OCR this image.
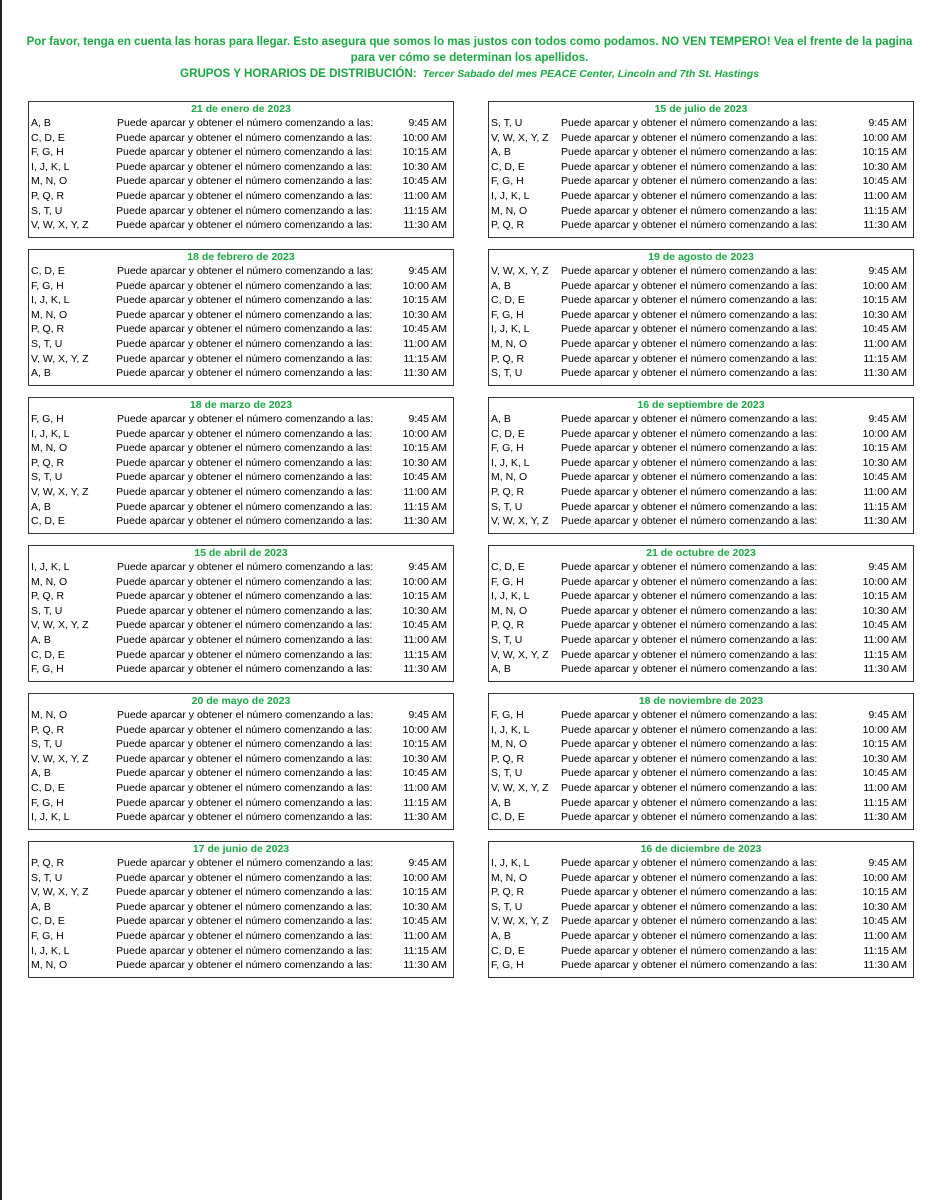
Por favor, tenga en cuenta las horas para llegar. Esto asegura que somos lo mas justos con todos como podamos. NO VEN TEMPERO! Vea el frente de la pagina
para ver cómo se determinan los apellidos.
GRUPOS Y HORARIOS DE DISTRIBUCIÓN: Tercer Sabado del mes PEACE Center, Lincoln and 7th St. Hastings
21 de enero de 2023
A, B	Puede aparcar y obtener el número comenzando a las:	9:45 AM
C, D, E	Puede aparcar y obtener el número comenzando a las:	10:00 AM
F, G, H	Puede aparcar y obtener el número comenzando a las:	10:15 AM
I, J, K, L	Puede aparcar y obtener el número comenzando a las:	10:30 AM
M, N, O	Puede aparcar y obtener el número comenzando a las:	10:45 AM
P, Q, R	Puede aparcar y obtener el número comenzando a las:	11:00 AM
S, T, U	Puede aparcar y obtener el número comenzando a las:	11:15 AM
V, W, X, Y, Z	Puede aparcar y obtener el número comenzando a las:	11:30 AM
18 de febrero de 2023
C, D, E	Puede aparcar y obtener el número comenzando a las:	9:45 AM
F, G, H	Puede aparcar y obtener el número comenzando a las:	10:00 AM
I, J, K, L	Puede aparcar y obtener el número comenzando a las:	10:15 AM
M, N, O	Puede aparcar y obtener el número comenzando a las:	10:30 AM
P, Q, R	Puede aparcar y obtener el número comenzando a las:	10:45 AM
S, T, U	Puede aparcar y obtener el número comenzando a las:	11:00 AM
V, W, X, Y, Z	Puede aparcar y obtener el número comenzando a las:	11:15 AM
A, B	Puede aparcar y obtener el número comenzando a las:	11:30 AM
18 de marzo de 2023
F, G, H	Puede aparcar y obtener el número comenzando a las:	9:45 AM
I, J, K, L	Puede aparcar y obtener el número comenzando a las:	10:00 AM
M, N, O	Puede aparcar y obtener el número comenzando a las:	10:15 AM
P, Q, R	Puede aparcar y obtener el número comenzando a las:	10:30 AM
S, T, U	Puede aparcar y obtener el número comenzando a las:	10:45 AM
V, W, X, Y, Z	Puede aparcar y obtener el número comenzando a las:	11:00 AM
A, B	Puede aparcar y obtener el número comenzando a las:	11:15 AM
C, D, E	Puede aparcar y obtener el número comenzando a las:	11:30 AM
15 de abril de 2023
I, J, K, L	Puede aparcar y obtener el número comenzando a las:	9:45 AM
M, N, O	Puede aparcar y obtener el número comenzando a las:	10:00 AM
P, Q, R	Puede aparcar y obtener el número comenzando a las:	10:15 AM
S, T, U	Puede aparcar y obtener el número comenzando a las:	10:30 AM
V, W, X, Y, Z	Puede aparcar y obtener el número comenzando a las:	10:45 AM
A, B	Puede aparcar y obtener el número comenzando a las:	11:00 AM
C, D, E	Puede aparcar y obtener el número comenzando a las:	11:15 AM
F, G, H	Puede aparcar y obtener el número comenzando a las:	11:30 AM
20 de mayo de 2023
M, N, O	Puede aparcar y obtener el número comenzando a las:	9:45 AM
P, Q, R	Puede aparcar y obtener el número comenzando a las:	10:00 AM
S, T, U	Puede aparcar y obtener el número comenzando a las:	10:15 AM
V, W, X, Y, Z	Puede aparcar y obtener el número comenzando a las:	10:30 AM
A, B	Puede aparcar y obtener el número comenzando a las:	10:45 AM
C, D, E	Puede aparcar y obtener el número comenzando a las:	11:00 AM
F, G, H	Puede aparcar y obtener el número comenzando a las:	11:15 AM
I, J, K, L	Puede aparcar y obtener el número comenzando a las:	11:30 AM
17 de junio de 2023
P, Q, R	Puede aparcar y obtener el número comenzando a las:	9:45 AM
S, T, U	Puede aparcar y obtener el número comenzando a las:	10:00 AM
V, W, X, Y, Z	Puede aparcar y obtener el número comenzando a las:	10:15 AM
A, B	Puede aparcar y obtener el número comenzando a las:	10:30 AM
C, D, E	Puede aparcar y obtener el número comenzando a las:	10:45 AM
F, G, H	Puede aparcar y obtener el número comenzando a las:	11:00 AM
I, J, K, L	Puede aparcar y obtener el número comenzando a las:	11:15 AM
M, N, O	Puede aparcar y obtener el número comenzando a las:	11:30 AM
15 de julio de 2023
S, T, U	Puede aparcar y obtener el número comenzando a las:	9:45 AM
V, W, X, Y, Z	Puede aparcar y obtener el número comenzando a las:	10:00 AM
A, B	Puede aparcar y obtener el número comenzando a las:	10:15 AM
C, D, E	Puede aparcar y obtener el número comenzando a las:	10:30 AM
F, G, H	Puede aparcar y obtener el número comenzando a las:	10:45 AM
I, J, K, L	Puede aparcar y obtener el número comenzando a las:	11:00 AM
M, N, O	Puede aparcar y obtener el número comenzando a las:	11:15 AM
P, Q, R	Puede aparcar y obtener el número comenzando a las:	11:30 AM
19 de agosto de 2023
V, W, X, Y, Z	Puede aparcar y obtener el número comenzando a las:	9:45 AM
A, B	Puede aparcar y obtener el número comenzando a las:	10:00 AM
C, D, E	Puede aparcar y obtener el número comenzando a las:	10:15 AM
F, G, H	Puede aparcar y obtener el número comenzando a las:	10:30 AM
I, J, K, L	Puede aparcar y obtener el número comenzando a las:	10:45 AM
M, N, O	Puede aparcar y obtener el número comenzando a las:	11:00 AM
P, Q, R	Puede aparcar y obtener el número comenzando a las:	11:15 AM
S, T, U	Puede aparcar y obtener el número comenzando a las:	11:30 AM
16 de septiembre de 2023
A, B	Puede aparcar y obtener el número comenzando a las:	9:45 AM
C, D, E	Puede aparcar y obtener el número comenzando a las:	10:00 AM
F, G, H	Puede aparcar y obtener el número comenzando a las:	10:15 AM
I, J, K, L	Puede aparcar y obtener el número comenzando a las:	10:30 AM
M, N, O	Puede aparcar y obtener el número comenzando a las:	10:45 AM
P, Q, R	Puede aparcar y obtener el número comenzando a las:	11:00 AM
S, T, U	Puede aparcar y obtener el número comenzando a las:	11:15 AM
V, W, X, Y, Z	Puede aparcar y obtener el número comenzando a las:	11:30 AM
21 de octubre de 2023
C, D, E	Puede aparcar y obtener el número comenzando a las:	9:45 AM
F, G, H	Puede aparcar y obtener el número comenzando a las:	10:00 AM
I, J, K, L	Puede aparcar y obtener el número comenzando a las:	10:15 AM
M, N, O	Puede aparcar y obtener el número comenzando a las:	10:30 AM
P, Q, R	Puede aparcar y obtener el número comenzando a las:	10:45 AM
S, T, U	Puede aparcar y obtener el número comenzando a las:	11:00 AM
V, W, X, Y, Z	Puede aparcar y obtener el número comenzando a las:	11:15 AM
A, B	Puede aparcar y obtener el número comenzando a las:	11:30 AM
18 de noviembre de 2023
F, G, H	Puede aparcar y obtener el número comenzando a las:	9:45 AM
I, J, K, L	Puede aparcar y obtener el número comenzando a las:	10:00 AM
M, N, O	Puede aparcar y obtener el número comenzando a las:	10:15 AM
P, Q, R	Puede aparcar y obtener el número comenzando a las:	10:30 AM
S, T, U	Puede aparcar y obtener el número comenzando a las:	10:45 AM
V, W, X, Y, Z	Puede aparcar y obtener el número comenzando a las:	11:00 AM
A, B	Puede aparcar y obtener el número comenzando a las:	11:15 AM
C, D, E	Puede aparcar y obtener el número comenzando a las:	11:30 AM
16 de diciembre de 2023
I, J, K, L	Puede aparcar y obtener el número comenzando a las:	9:45 AM
M, N, O	Puede aparcar y obtener el número comenzando a las:	10:00 AM
P, Q, R	Puede aparcar y obtener el número comenzando a las:	10:15 AM
S, T, U	Puede aparcar y obtener el número comenzando a las:	10:30 AM
V, W, X, Y, Z	Puede aparcar y obtener el número comenzando a las:	10:45 AM
A, B	Puede aparcar y obtener el número comenzando a las:	11:00 AM
C, D, E	Puede aparcar y obtener el número comenzando a las:	11:15 AM
F, G, H	Puede aparcar y obtener el número comenzando a las:	11:30 AM
